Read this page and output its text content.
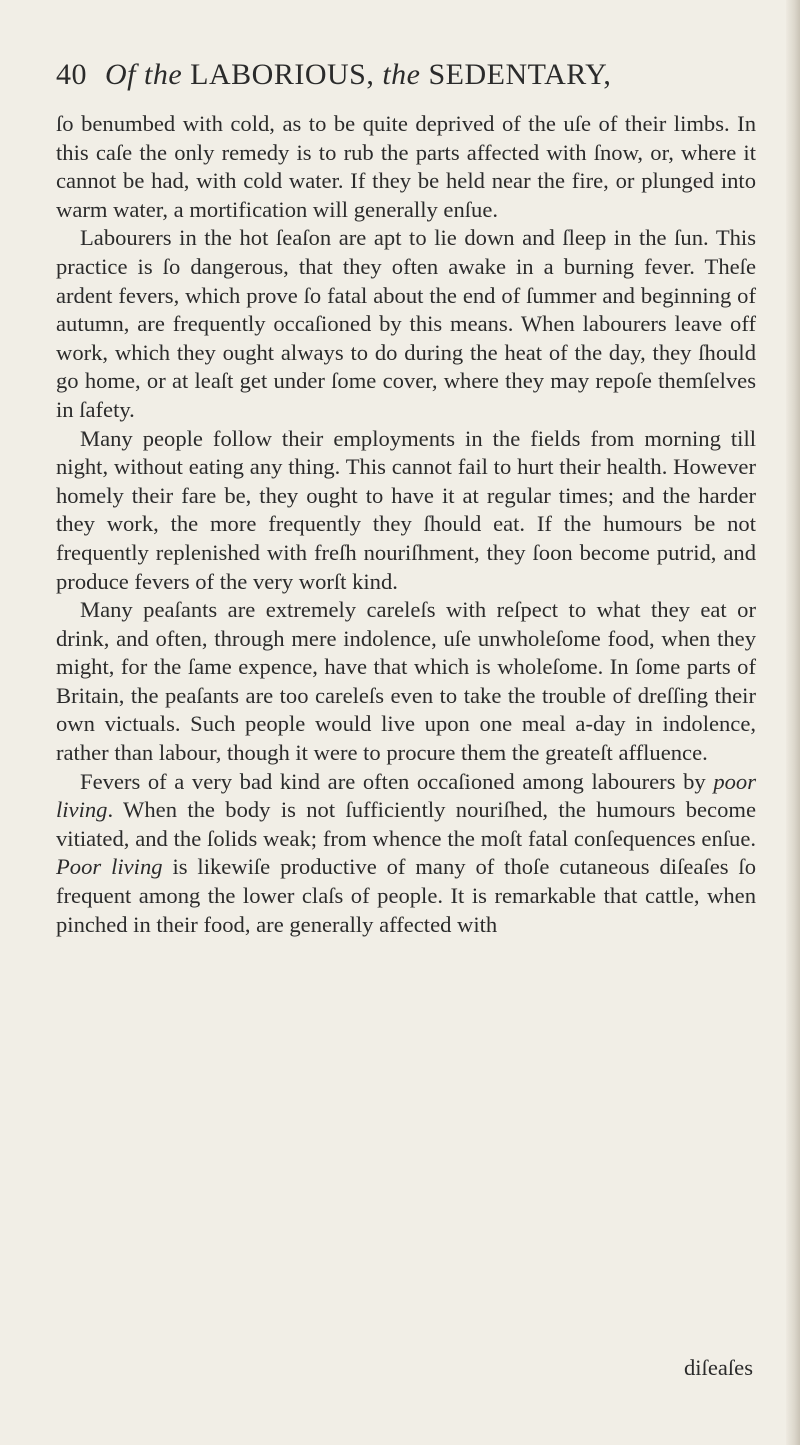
40 Of the LABORIOUS, the SEDENTARY,

ſo benumbed with cold, as to be quite deprived of the uſe of their limbs. In this caſe the only remedy is to rub the parts affected with ſnow, or, where it cannot be had, with cold water. If they be held near the fire, or plunged into warm water, a mortification will generally enſue.

Labourers in the hot ſeaſon are apt to lie down and ſleep in the ſun. This practice is ſo dangerous, that they often awake in a burning fever. Theſe ardent fevers, which prove ſo fatal about the end of ſummer and beginning of autumn, are frequently occaſioned by this means. When labourers leave off work, which they ought always to do during the heat of the day, they ſhould go home, or at leaſt get under ſome cover, where they may repoſe themſelves in ſafety.

Many people follow their employments in the fields from morning till night, without eating any thing. This cannot fail to hurt their health. However homely their fare be, they ought to have it at regular times; and the harder they work, the more frequently they ſhould eat. If the humours be not frequently replenished with freſh nouriſhment, they ſoon become putrid, and produce fevers of the very worſt kind.

Many peaſants are extremely careleſs with reſpect to what they eat or drink, and often, through mere indolence, uſe unwholeſome food, when they might, for the ſame expence, have that which is wholeſome. In ſome parts of Britain, the peaſants are too careleſs even to take the trouble of dreſſing their own victuals. Such people would live upon one meal a-day in indolence, rather than labour, though it were to procure them the greateſt affluence.

Fevers of a very bad kind are often occaſioned among labourers by poor living. When the body is not ſufficiently nouriſhed, the humours become vitiated, and the ſolids weak; from whence the moſt fatal conſequences enſue. Poor living is likewiſe productive of many of thoſe cutaneous diſeaſes ſo frequent among the lower claſs of people. It is remarkable that cattle, when pinched in their food, are generally affected with

diſeaſes
